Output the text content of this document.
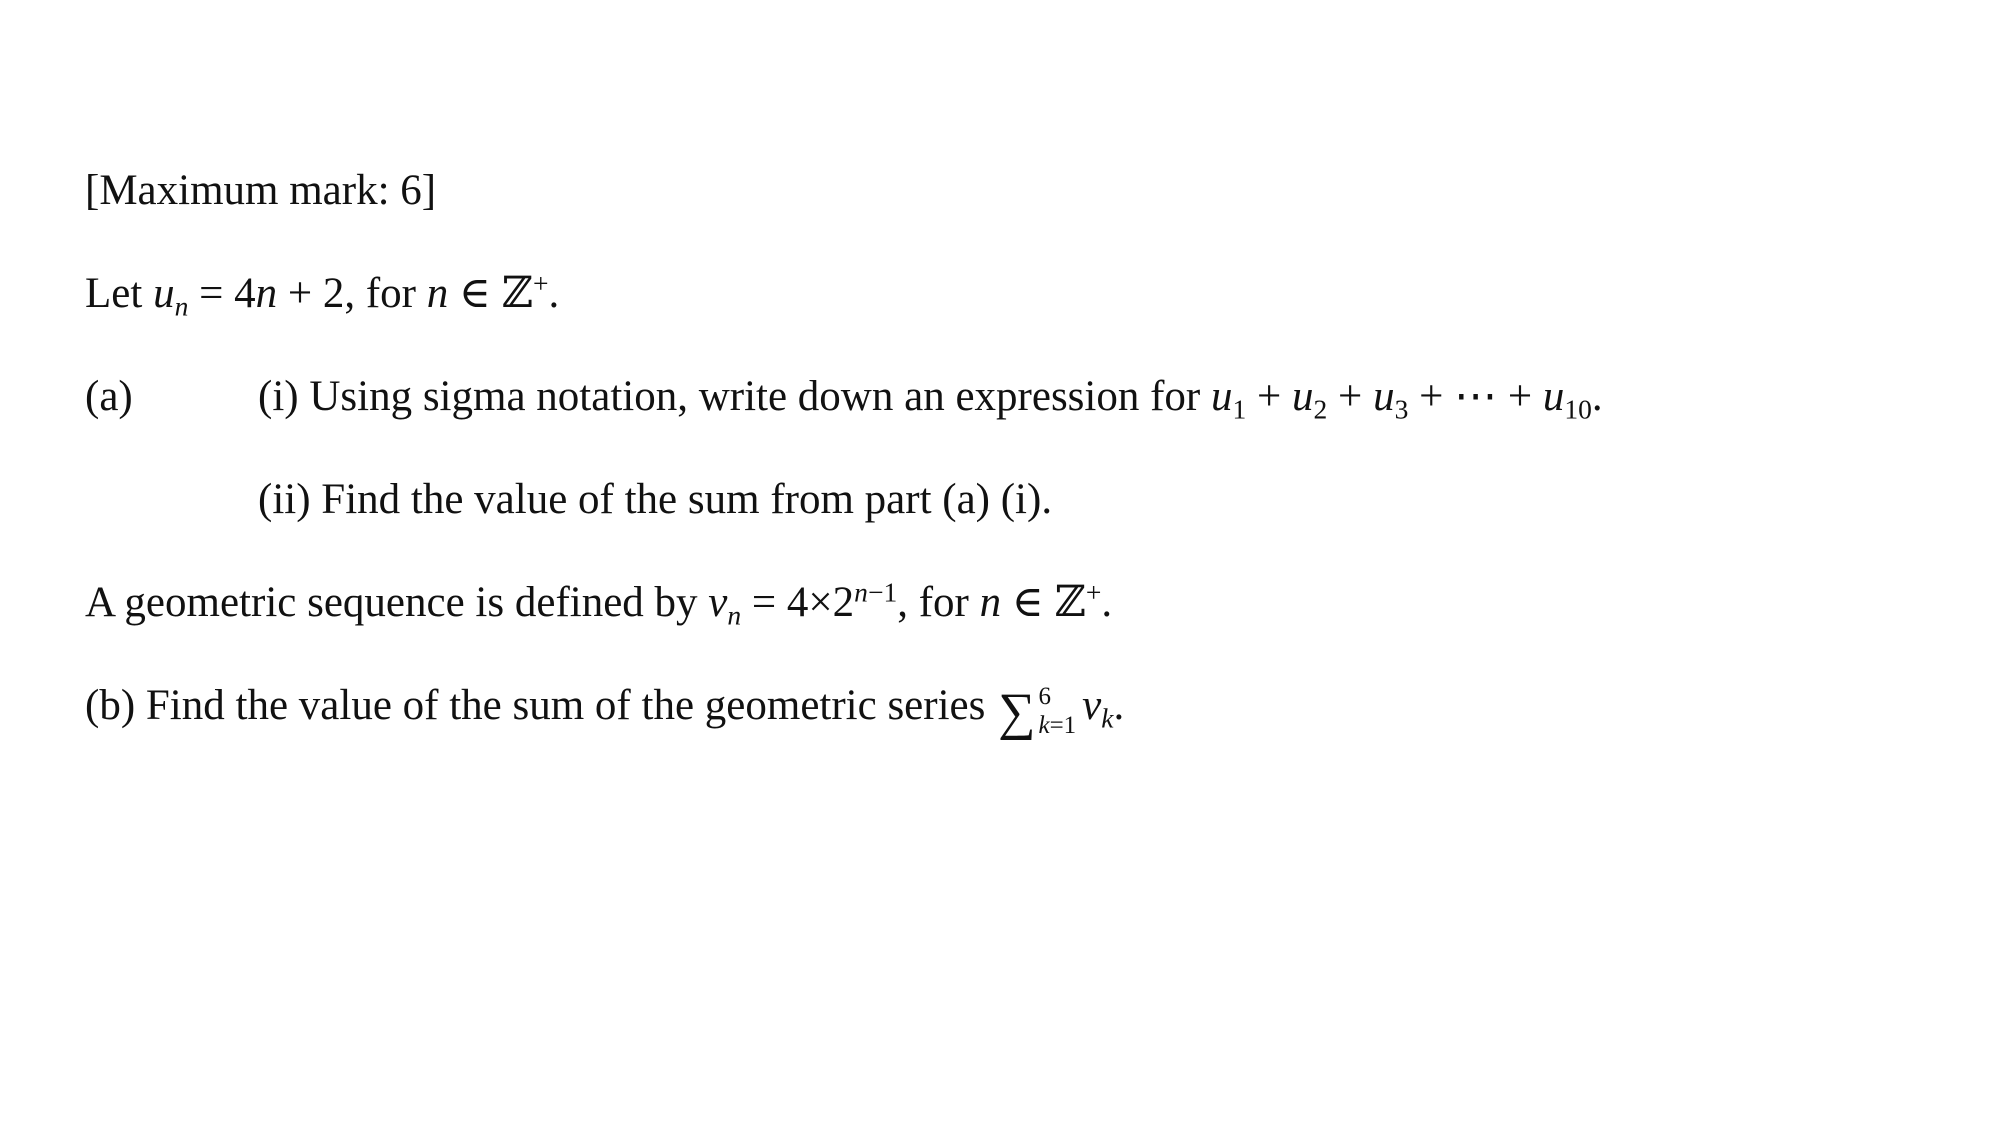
[Maximum mark: 6]
Let un = 4n + 2, for n ∈ ℤ+.
(a)	(i) Using sigma notation, write down an expression for u1 + u2 + u3 + ⋯ + u10.
(ii) Find the value of the sum from part (a) (i).
A geometric sequence is defined by vn = $4\times 2^{n-1}$, for n ∈ ℤ+.
(b) Find the value of the sum of the geometric series ∑ 6
k=1 vk.
